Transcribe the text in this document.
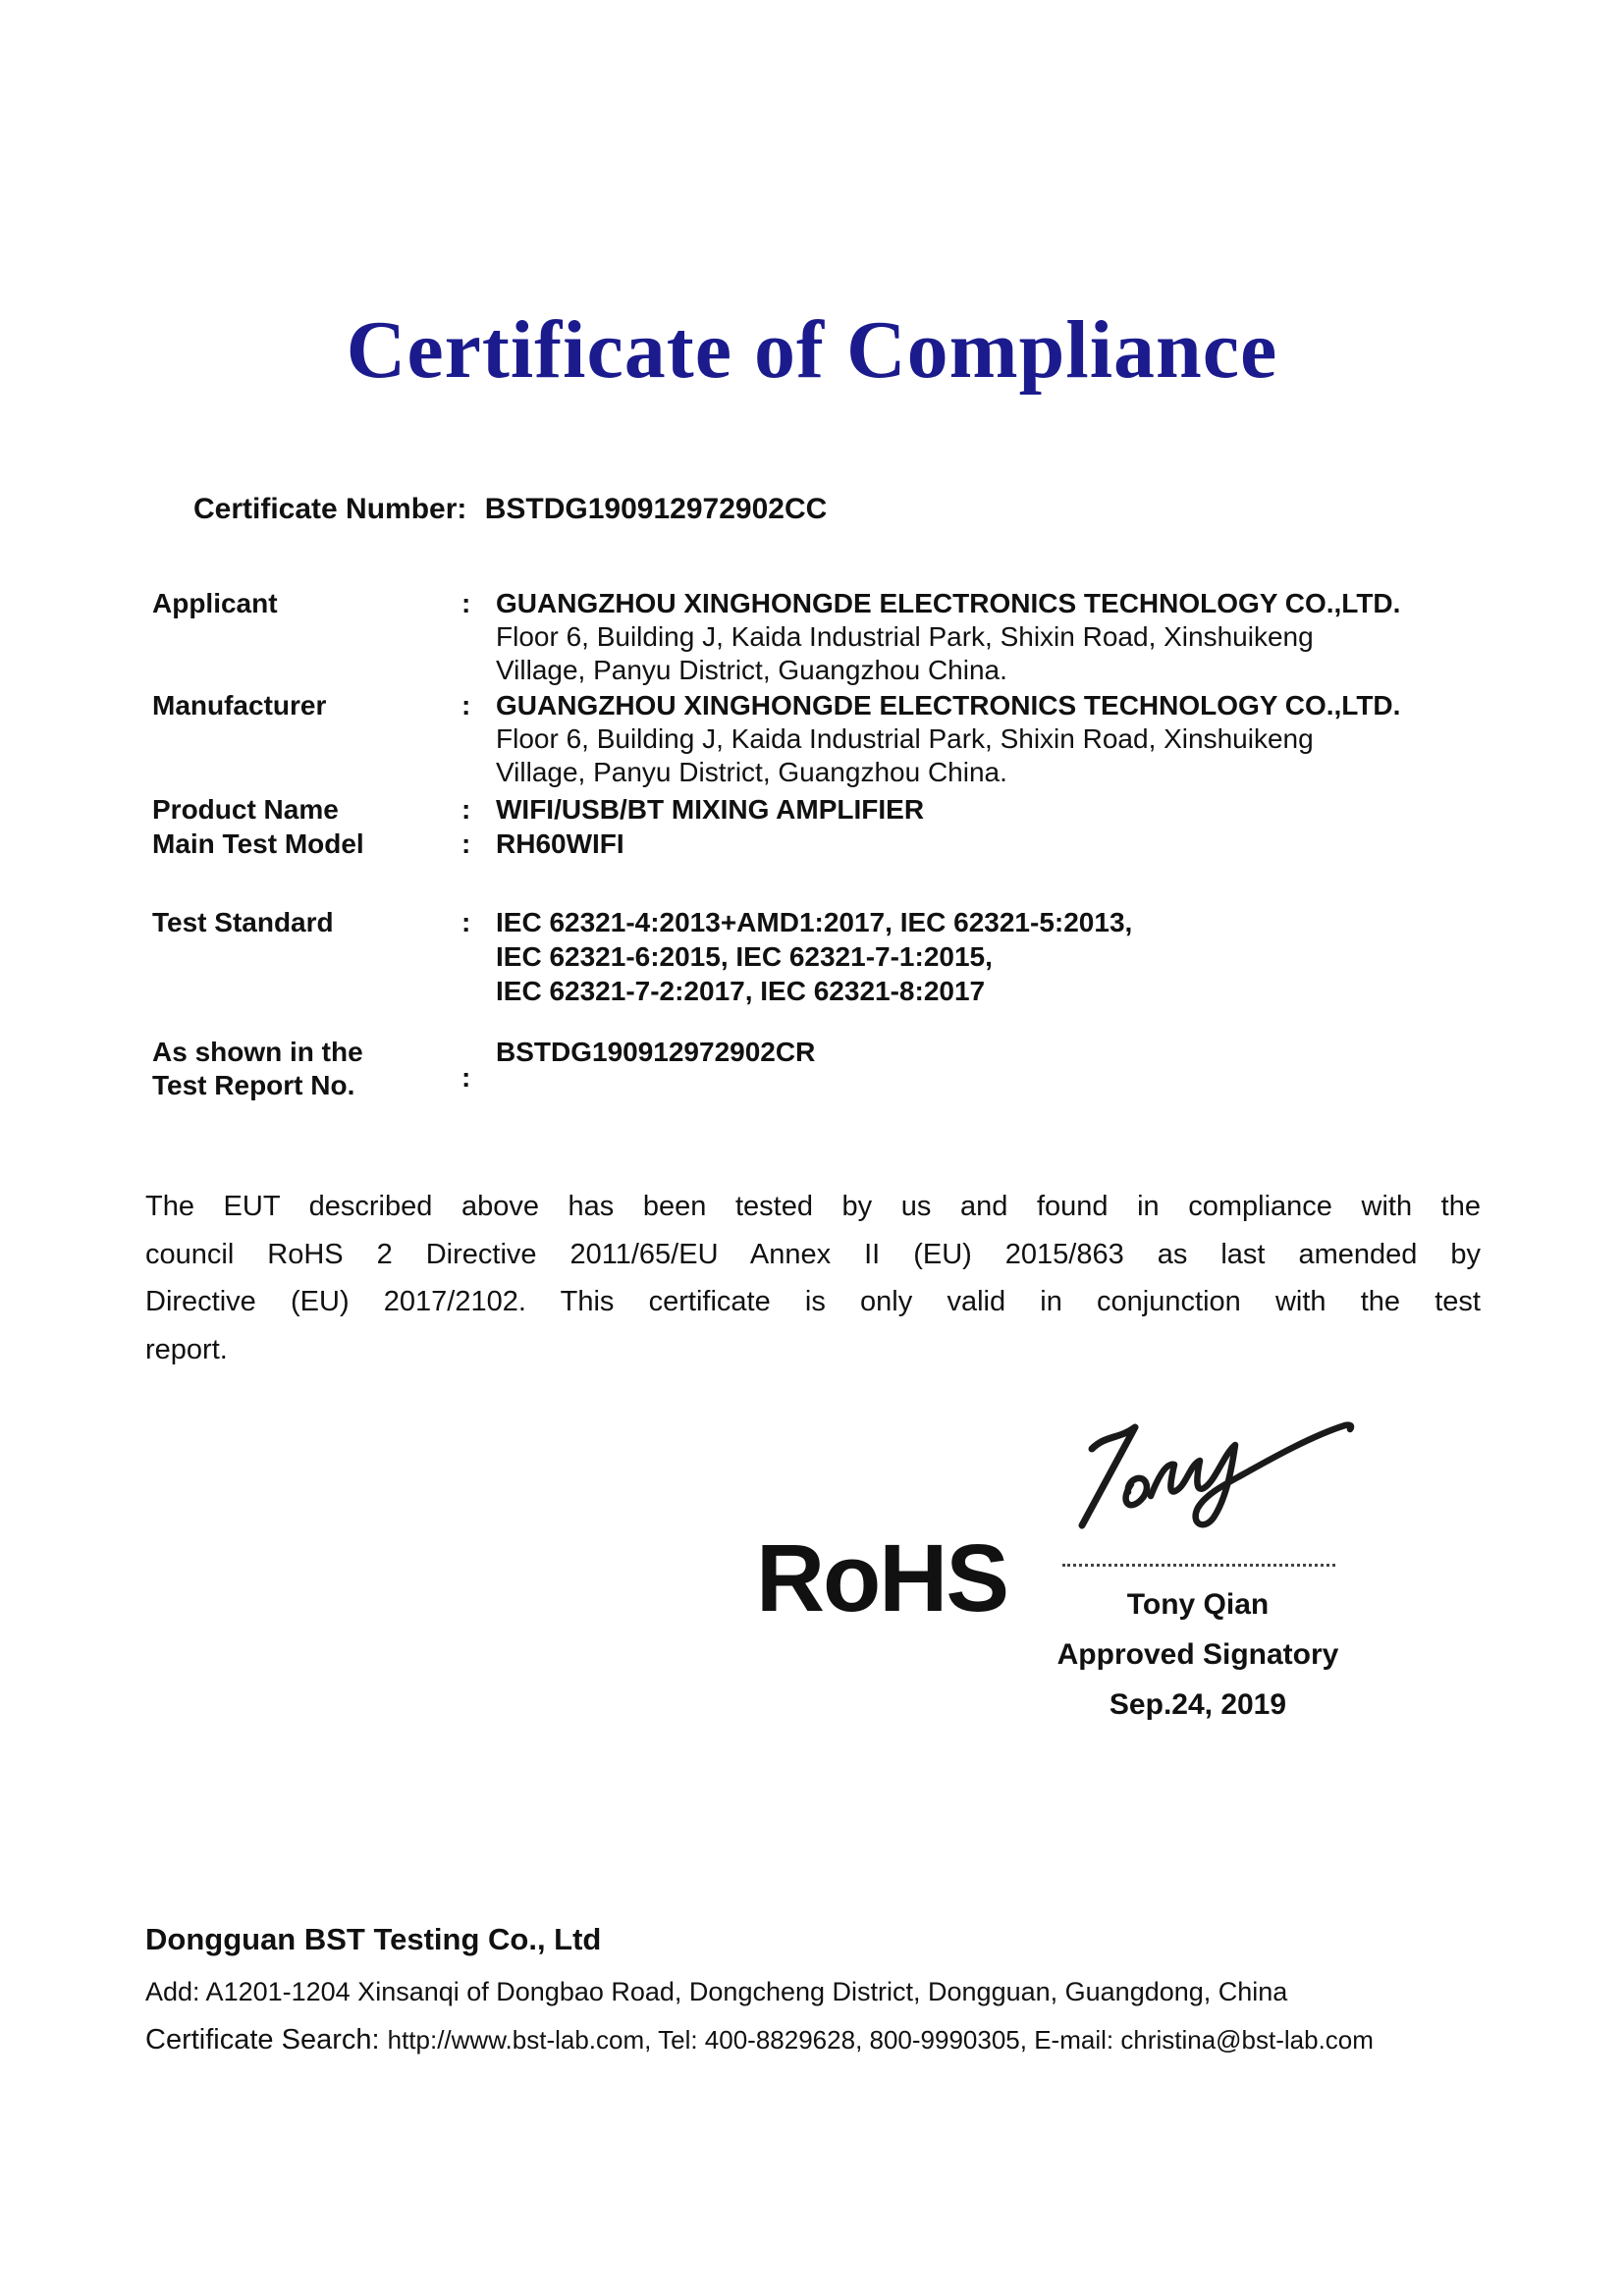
Certificate of Compliance
Certificate Number: BSTDG190912972902CC
Applicant	: GUANGZHOU XINGHONGDE ELECTRONICS TECHNOLOGY CO.,LTD.
Floor 6, Building J, Kaida Industrial Park, Shixin Road, Xinshuikeng
Village, Panyu District, Guangzhou China.
Manufacturer	: GUANGZHOU XINGHONGDE ELECTRONICS TECHNOLOGY CO.,LTD.
Floor 6, Building J, Kaida Industrial Park, Shixin Road, Xinshuikeng
Village, Panyu District, Guangzhou China.
Product Name	: WIFI/USB/BT MIXING AMPLIFIER
Main Test Model	: RH60WIFI
Test Standard	: IEC 62321-4:2013+AMD1:2017, IEC 62321-5:2013,
IEC 62321-6:2015, IEC 62321-7-1:2015,
IEC 62321-7-2:2017, IEC 62321-8:2017
As shown in the
Test Report No.	:
BSTDG190912972902CR
The EUT described above has been tested by us and found in compliance with the
council RoHS 2 Directive 2011/65/EU Annex II (EU) 2015/863 as last amended by
Directive (EU) 2017/2102. This certificate is only valid in conjunction with the test
report.
RoHS	Tony Qian
Approved Signatory
Sep.24, 2019
Dongguan BST Testing Co., Ltd
Add: A1201-1204 Xinsanqi of Dongbao Road, Dongcheng District, Dongguan, Guangdong, China
Certificate Search: http://www.bst-lab.com, Tel: 400-8829628, 800-9990305, E-mail: christina@bst-lab.com
